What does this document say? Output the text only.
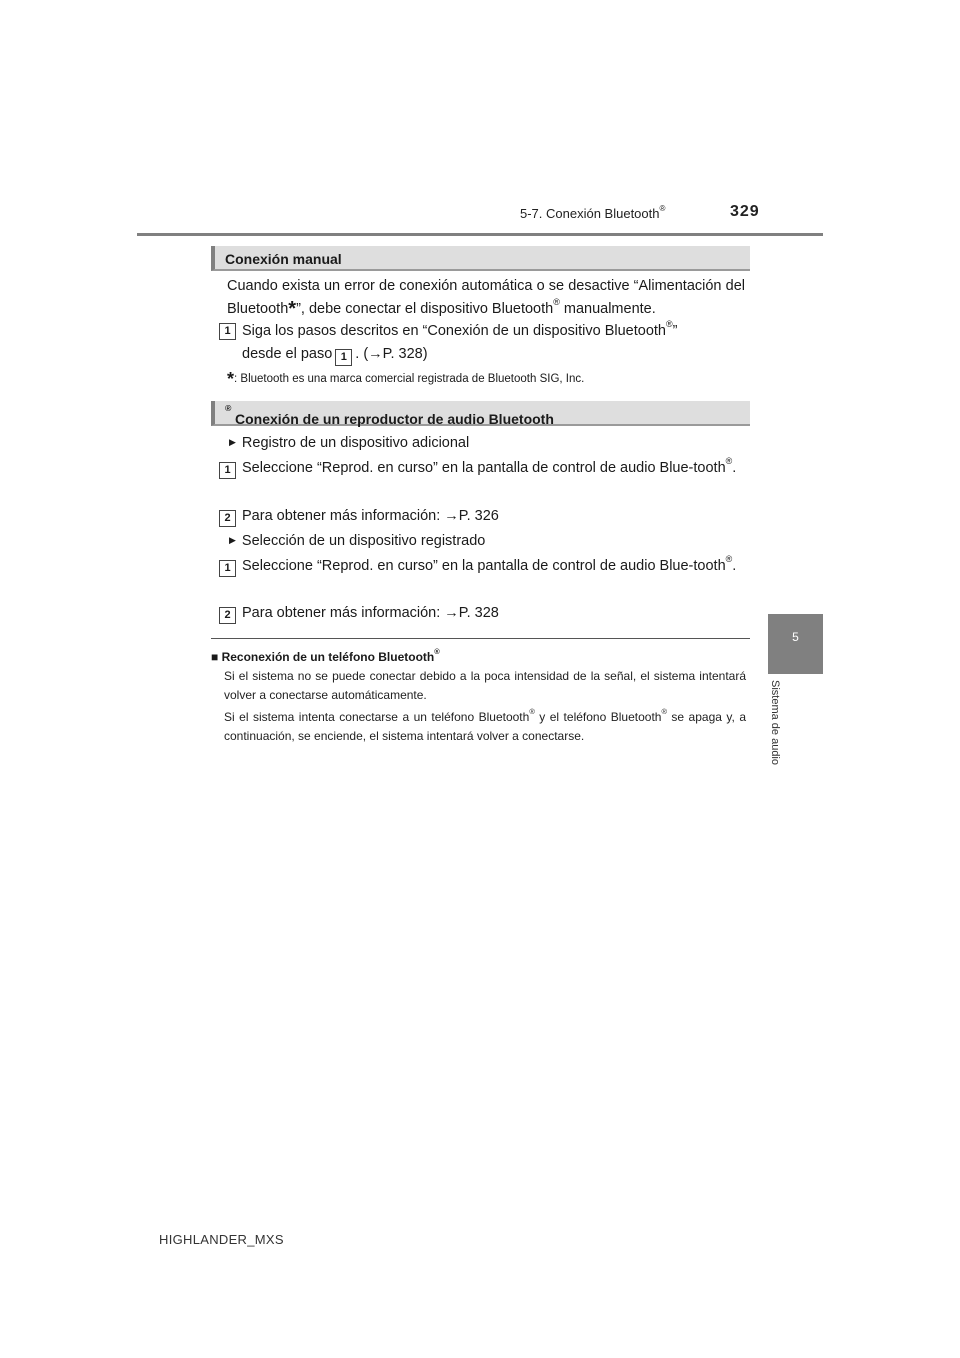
5-7. Conexión Bluetooth®	329
5
Sistema de audio
Conexión manual
Cuando exista un error de conexión automática o se desactive “Alimentación del Bluetooth*”, debe conectar el dispositivo Bluetooth® manualmente.
1 Siga los pasos descritos en “Conexión de un dispositivo Bluetooth®”
desde el paso 1 . (→P. 328)
*: Bluetooth es una marca comercial registrada de Bluetooth SIG, Inc.
Conexión de un reproductor de audio Bluetooth
®
▶ Registro de un dispositivo adicional
1 Seleccione “Reprod. en curso” en la pantalla de control de audio Blue-tooth®.
2 Para obtener más información: →P. 326
▶ Selección de un dispositivo registrado
1 Seleccione “Reprod. en curso” en la pantalla de control de audio Blue-tooth®.
2 Para obtener más información: →P. 328
■ Reconexión de un teléfono Bluetooth®
Si el sistema no se puede conectar debido a la poca intensidad de la señal, el sistema intentará volver a conectarse automáticamente.
Si el sistema intenta conectarse a un teléfono Bluetooth® y el teléfono Bluetooth® se apaga y, a continuación, se enciende, el sistema intentará volver a conectarse.
HIGHLANDER_MXS
